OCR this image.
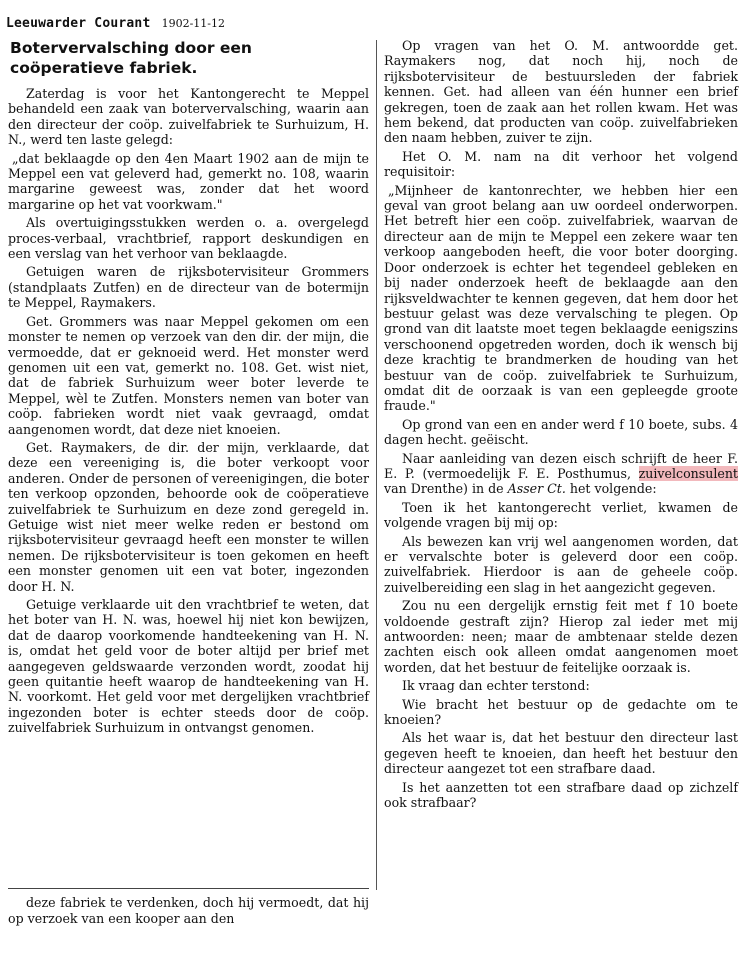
Leeuwarder Courant 1902-11-12
Botervervalsching door een coöperatieve fabriek.

Zaterdag is voor het Kantongerecht te Meppel behandeld een zaak van botervervalsching, waarin aan den directeur der coöp. zuivelfabriek te Surhuizum, H. N., werd ten laste gelegd:

„dat beklaagde op den 4en Maart 1902 aan de mijn te Meppel een vat geleverd had, gemerkt no. 108, waarin margarine geweest was, zonder dat het woord margarine op het vat voorkwam."

Als overtuigingsstukken werden o. a. overgelegd proces-verbaal, vrachtbrief, rapport deskundigen en een verslag van het verhoor van beklaagde.

Getuigen waren de rijksbotervisiteur Grommers (standplaats Zutfen) en de directeur van de botermijn te Meppel, Raymakers.

Get. Grommers was naar Meppel gekomen om een monster te nemen op verzoek van den dir. der mijn, die vermoedde, dat er geknoeid werd. Het monster werd genomen uit een vat, gemerkt no. 108. Get. wist niet, dat de fabriek Surhuizum weer boter leverde te Meppel, wèl te Zutfen. Monsters nemen van boter van coöp. fabrieken wordt niet vaak gevraagd, omdat aangenomen wordt, dat deze niet knoeien.

Get. Raymakers, de dir. der mijn, verklaarde, dat deze een vereeniging is, die boter verkoopt voor anderen. Onder de personen of vereenigingen, die boter ten verkoop opzonden, behoorde ook de coöperatieve zuivelfabriek te Surhuizum en deze zond geregeld in. Getuige wist niet meer welke reden er bestond om rijksbotervisiteur gevraagd heeft een monster te willen nemen. De rijksbotervisiteur is toen gekomen en heeft een monster genomen uit een vat boter, ingezonden door H. N.

Getuige verklaarde uit den vrachtbrief te weten, dat het boter van H. N. was, hoewel hij niet kon bewijzen, dat de daarop voorkomende handteekening van H. N. is, omdat het geld voor de boter altijd per brief met aangegeven geldswaarde verzonden wordt, zoodat hij geen quitantie heeft waarop de handteekening van H. N. voorkomt. Het geld voor met dergelijken vrachtbrief ingezonden boter is echter steeds door de coöp. zuivelfabriek Surhuizum in ontvangst genomen.

deze fabriek te verdenken, doch hij vermoedt, dat hij op verzoek van een kooper aan den

Op vragen van het O. M. antwoordde get. Raymakers nog, dat noch hij, noch de rijksbotervisiteur de bestuursleden der fabriek kennen. Get. had alleen van één hunner een brief gekregen, toen de zaak aan het rollen kwam. Het was hem bekend, dat producten van coöp. zuivelfabrieken den naam hebben, zuiver te zijn.

Het O. M. nam na dit verhoor het volgend requisitoir:

„Mijnheer de kantonrechter, we hebben hier een geval van groot belang aan uw oordeel onderworpen. Het betreft hier een coöp. zuivelfabriek, waarvan de directeur aan de mijn te Meppel een zekere waar ten verkoop aangeboden heeft, die voor boter doorging. Door onderzoek is echter het tegendeel gebleken en bij nader onderzoek heeft de beklaagde aan den rijksveldwachter te kennen gegeven, dat hem door het bestuur gelast was deze vervalsching te plegen. Op grond van dit laatste moet tegen beklaagde eenigszins verschoonend opgetreden worden, doch ik wensch bij deze krachtig te brandmerken de houding van het bestuur van de coöp. zuivelfabriek te Surhuizum, omdat dit de oorzaak is van een gepleegde groote fraude."

Op grond van een en ander werd f 10 boete, subs. 4 dagen hecht. geëischt.

Naar aanleiding van dezen eisch schrijft de heer F. E. P. (vermoedelijk F. E. Posthumus, zuivelconsulent van Drenthe) in de Asser Ct. het volgende:

Toen ik het kantongerecht verliet, kwamen de volgende vragen bij mij op:

Als bewezen kan vrij wel aangenomen worden, dat er vervalschte boter is geleverd door een coöp. zuivelfabriek. Hierdoor is aan de geheele coöp. zuivelbereiding een slag in het aangezicht gegeven.

Zou nu een dergelijk ernstig feit met f 10 boete voldoende gestraft zijn? Hierop zal ieder met mij antwoorden: neen; maar de ambtenaar stelde dezen zachten eisch ook alleen omdat aangenomen moet worden, dat het bestuur de feitelijke oorzaak is.

Ik vraag dan echter terstond:

Wie bracht het bestuur op de gedachte om te knoeien?

Als het waar is, dat het bestuur den directeur last gegeven heeft te knoeien, dan heeft het bestuur den directeur aangezet tot een strafbare daad.

Is het aanzetten tot een strafbare daad op zichzelf ook strafbaar?
